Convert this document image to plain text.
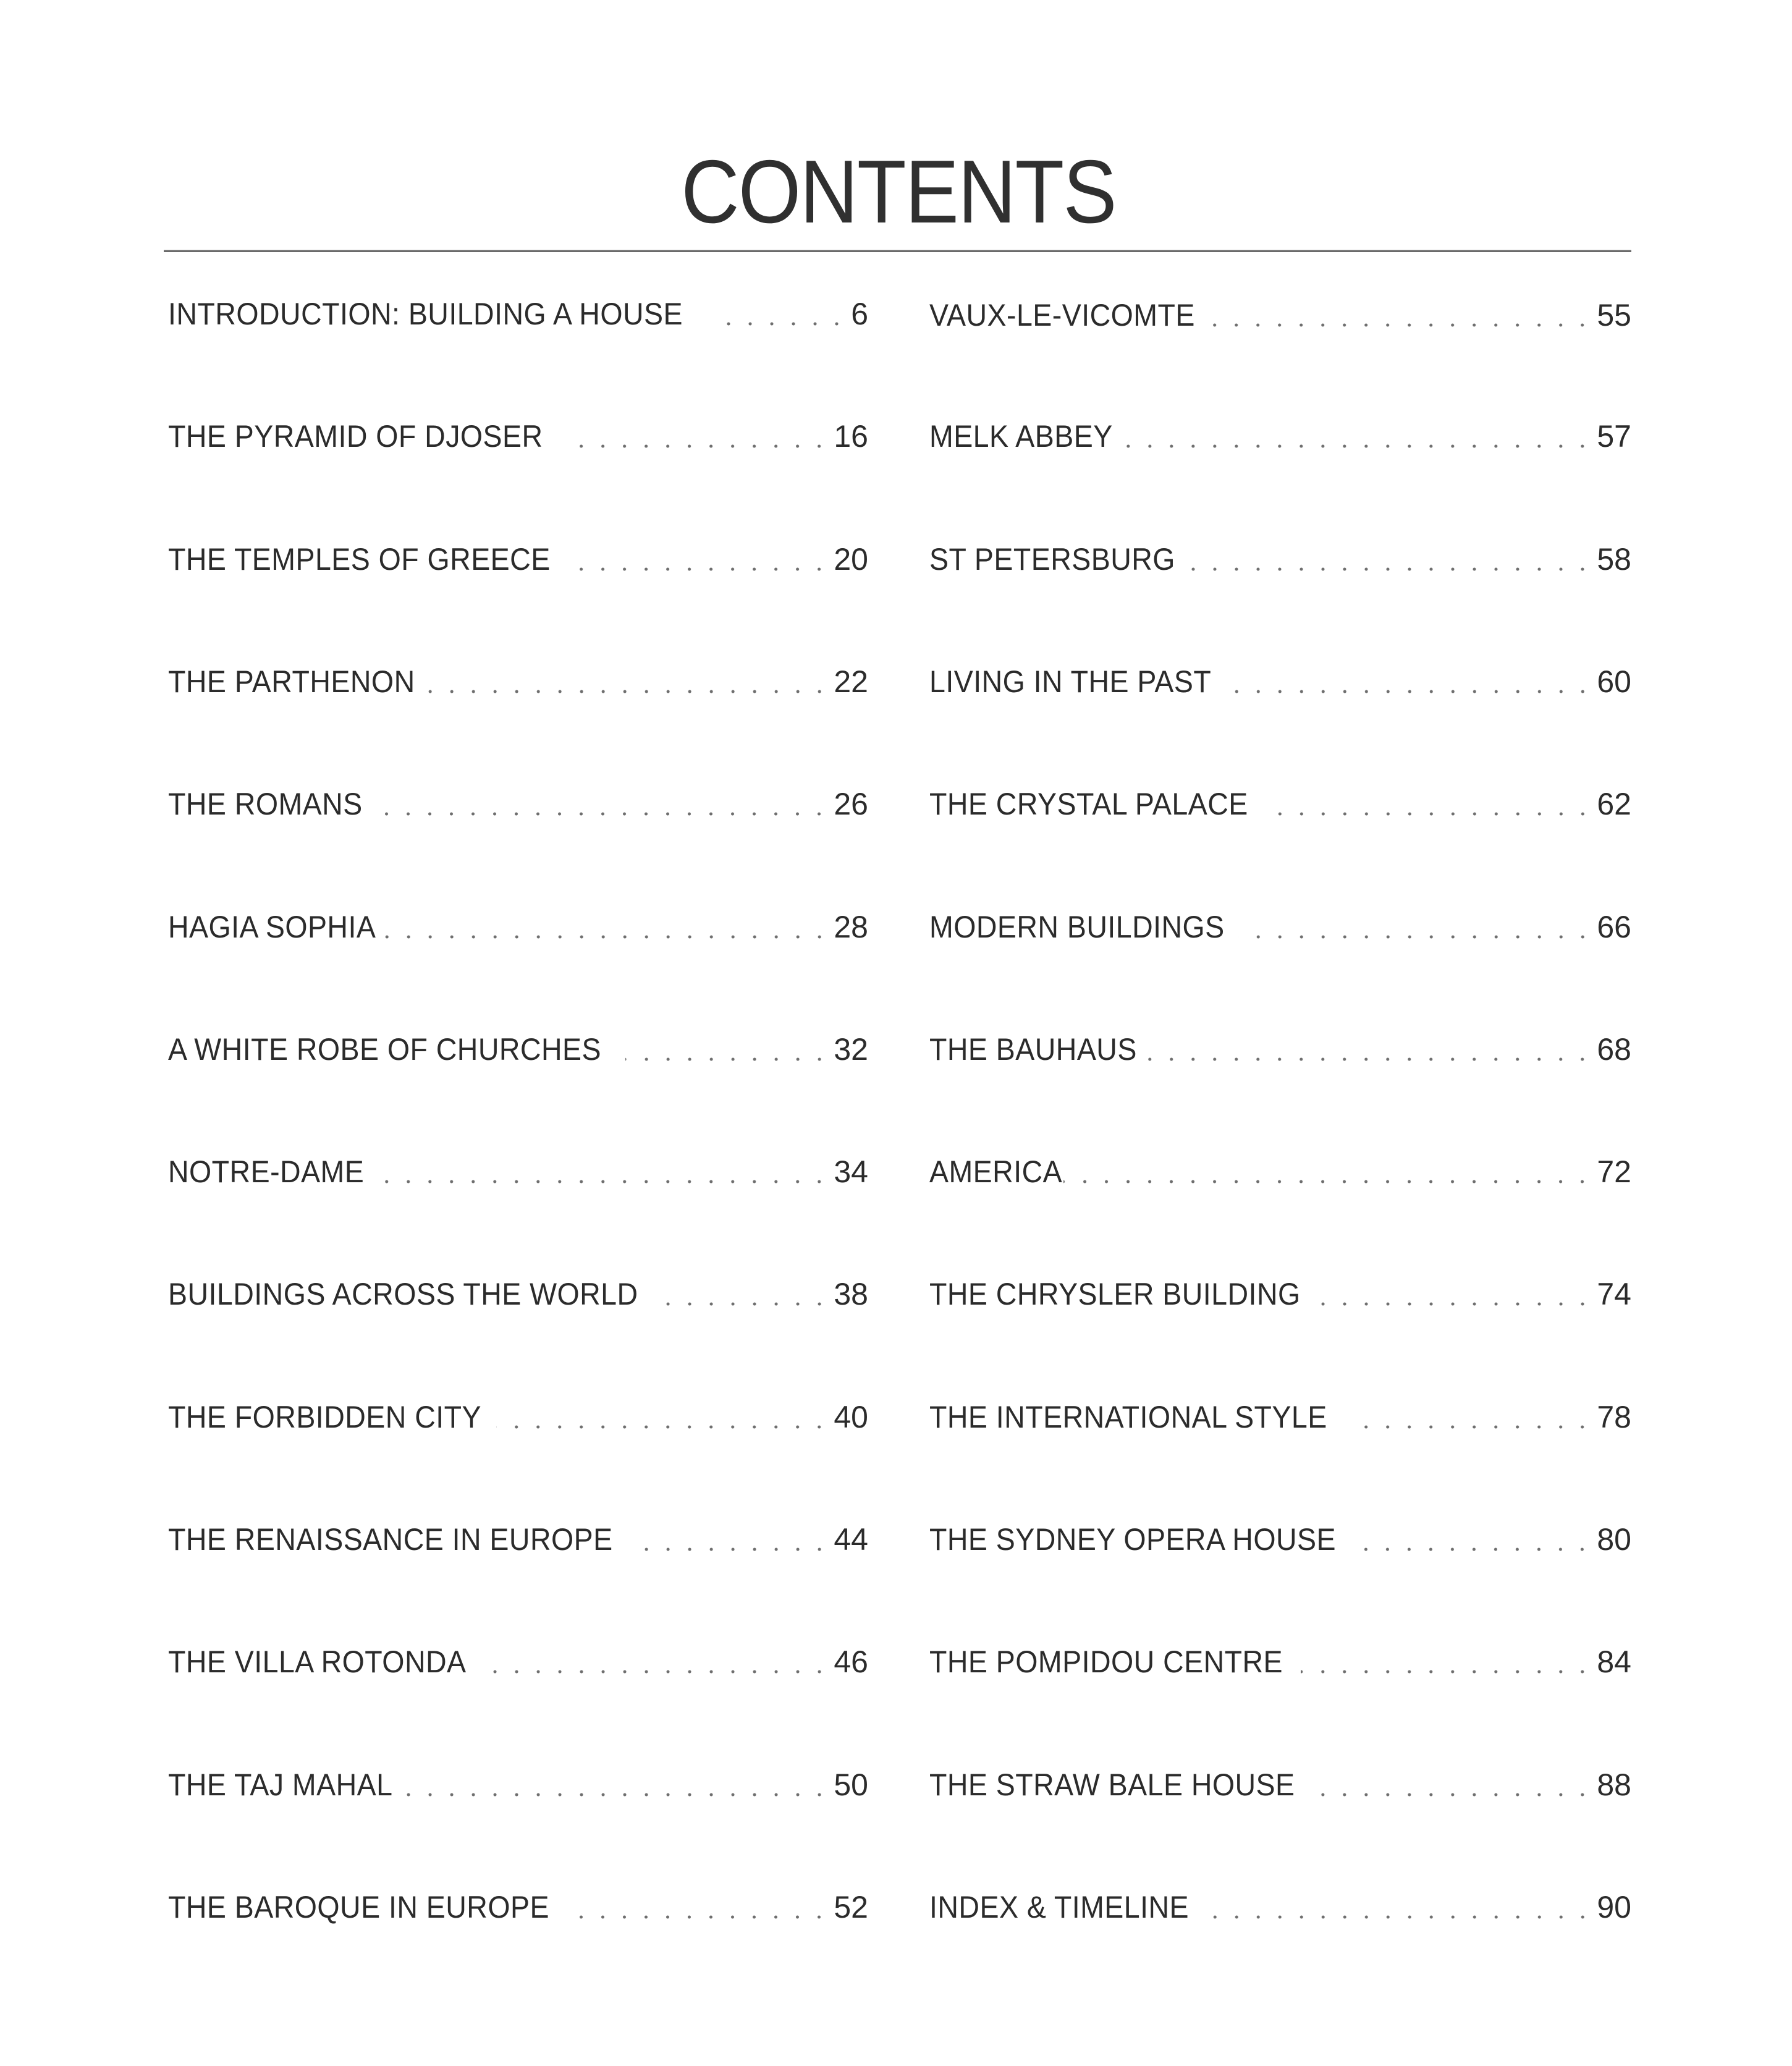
CONTENTS
INTRODUCTION: BUILDING A HOUSE	6
THE PYRAMID OF DJOSER	16
THE TEMPLES OF GREECE	20
THE PARTHENON	22
THE ROMANS	26
HAGIA SOPHIA	28
A WHITE ROBE OF CHURCHES	32
NOTRE-DAME	34
BUILDINGS ACROSS THE WORLD	38
THE FORBIDDEN CITY	40
THE RENAISSANCE IN EUROPE	44
THE VILLA ROTONDA	46
THE TAJ MAHAL	50
THE BAROQUE IN EUROPE	52
VAUX-LE-VICOMTE	55
MELK ABBEY	57
ST PETERSBURG	58
LIVING IN THE PAST	60
THE CRYSTAL PALACE	62
MODERN BUILDINGS	66
THE BAUHAUS	68
AMERICA	72
THE CHRYSLER BUILDING	74
THE INTERNATIONAL STYLE	78
THE SYDNEY OPERA HOUSE	80
THE POMPIDOU CENTRE	84
THE STRAW BALE HOUSE	88
INDEX & TIMELINE	90
